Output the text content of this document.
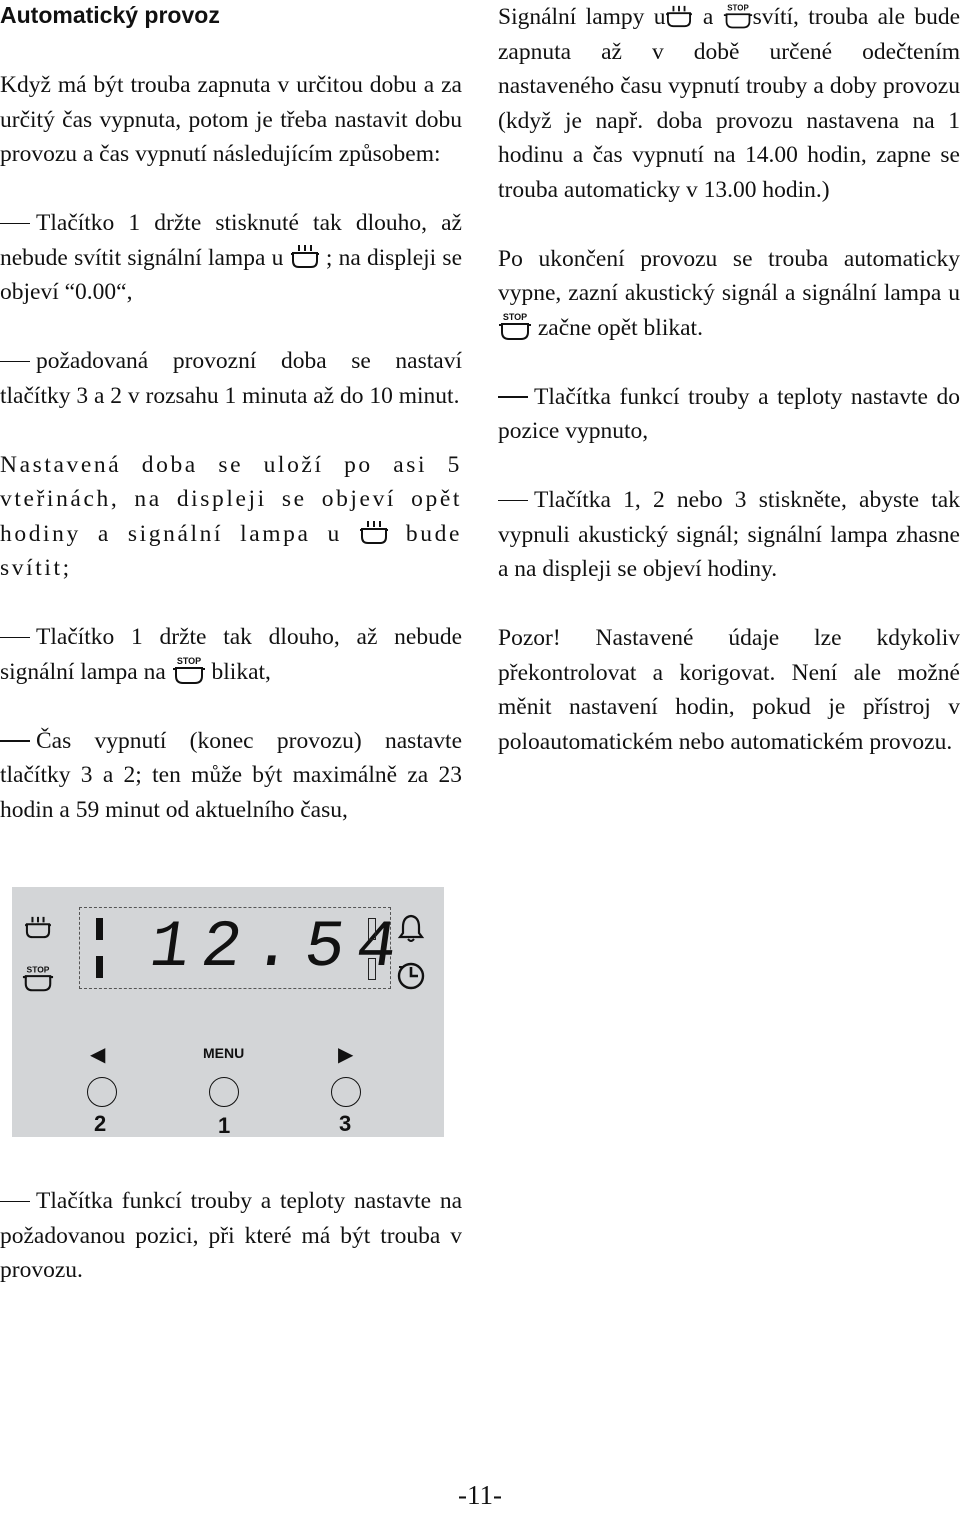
Automatický provoz

Když má být trouba zapnuta v určitou dobu a za určitý čas vypnuta, potom je třeba nastavit dobu provozu a čas vypnutí následujícím způsobem:

Tlačítko 1 držte stisknuté tak dlouho, až nebude svítit signální lampa u ; na displeji se objeví “0.00“,

požadovaná provozní doba se nastaví tlačítky 3 a 2 v rozsahu 1 minuta až do 10 minut.

Nastavená doba se uloží po asi 5 vteřinách, na displeji se objeví opět hodiny a signální lampa u	bude svítit;

Tlačítko 1 držte tak dlouho, až nebude signální lampa na STOP blikat,

Čas vypnutí (konec provozu) nastavte tlačítky 3 a 2; ten může být maximálně za 23 hodin a 59 minut od aktuelního času,

STOP 12.54
◀	MENU	▶
2	1	3

Tlačítka funkcí trouby a teploty nastavte na požadovanou pozici, při které má být trouba v provozu.

Signální lampy u a STOP svítí, trouba ale bude zapnuta až v době určené odečtením nastaveného času vypnutí trouby a doby provozu (když je např. doba provozu nastavena na 1 hodinu a čas vypnutí na 14.00 hodin, zapne se trouba automaticky v 13.00 hodin.)

Po ukončení provozu se trouba automaticky vypne, zazní akustický signál a signální lampa u
STOP začne opět blikat.

Tlačítka funkcí trouby a teploty nastavte do pozice vypnuto,

Tlačítka 1, 2 nebo 3 stiskněte, abyste tak vypnuli akustický signál; signální lampa zhasne a na displeji se objeví hodiny.

Pozor! Nastavené údaje lze kdykoliv překontrolovat a korigovat. Není ale možné měnit nastavení hodin, pokud je přístroj v poloautomatickém nebo automatickém provozu.

-11-
